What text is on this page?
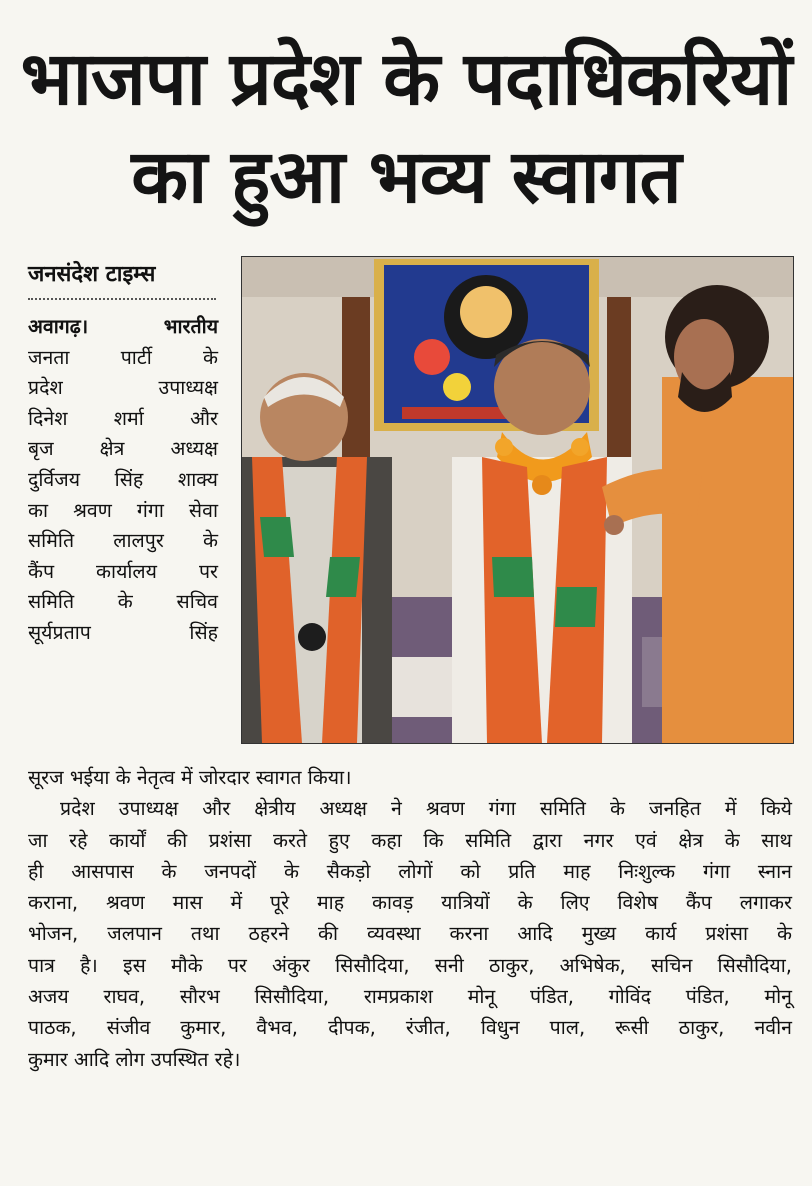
भाजपा प्रदेश के पदाधिकरियों
का हुआ भव्य स्वागत
जनसंदेश टाइम्स
अवागढ़। भारतीय
जनता पार्टी के
प्रदेश उपाध्यक्ष
दिनेश शर्मा और
बृज क्षेत्र अध्यक्ष
दुर्विजय सिंह शाक्य
का श्रवण गंगा सेवा
समिति लालपुर के
कैंप कार्यालय पर
समिति के सचिव
सूर्यप्रताप सिंह
सूरज भईया के नेतृत्व में जोरदार स्वागत किया।
प्रदेश उपाध्यक्ष और क्षेत्रीय अध्यक्ष ने श्रवण गंगा समिति के जनहित में किये
जा रहे कार्यों की प्रशंसा करते हुए कहा कि समिति द्वारा नगर एवं क्षेत्र के साथ
ही आसपास के जनपदों के सैकड़ो लोगों को प्रति माह निःशुल्क गंगा स्नान
कराना, श्रवण मास में पूरे माह कावड़ यात्रियों के लिए विशेष कैंप लगाकर
भोजन, जलपान तथा ठहरने की व्यवस्था करना आदि मुख्य कार्य प्रशंसा के
पात्र है। इस मौके पर अंकुर सिसौदिया, सनी ठाकुर, अभिषेक, सचिन सिसौदिया,
अजय राघव, सौरभ सिसौदिया, रामप्रकाश मोनू पंडित, गोविंद पंडित, मोनू
पाठक, संजीव कुमार, वैभव, दीपक, रंजीत, विधुन पाल, रूसी ठाकुर, नवीन
कुमार आदि लोग उपस्थित रहे।
